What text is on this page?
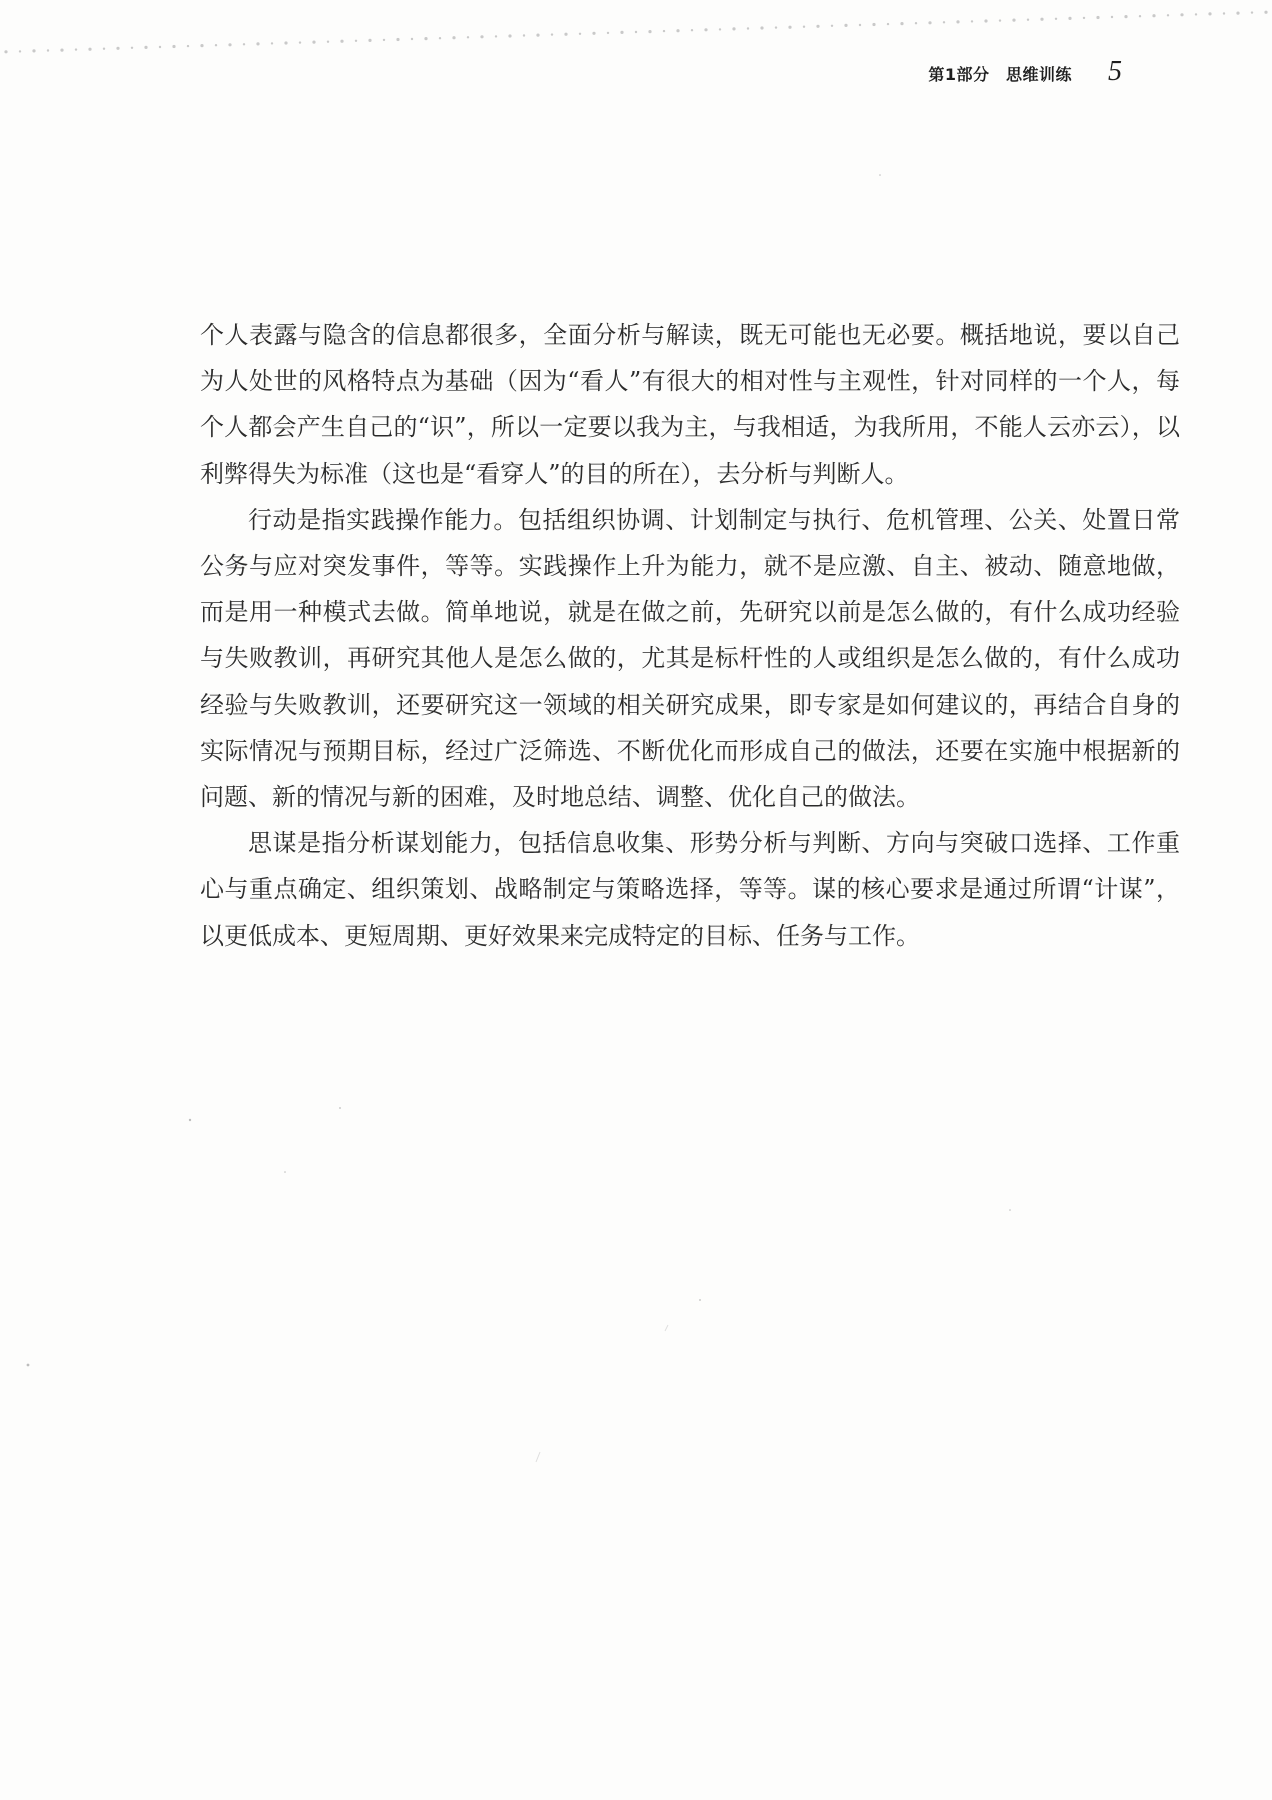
第1部分　思维训练 5

个人表露与隐含的信息都很多，全面分析与解读，既无可能也无必要。概括地说，要以自己为人处世的风格特点为基础（因为“看人”有很大的相对性与主观性，针对同样的一个人，每个人都会产生自己的“识”，所以一定要以我为主，与我相适，为我所用，不能人云亦云），以利弊得失为标准（这也是“看穿人”的目的所在），去分析与判断人。

行动是指实践操作能力。包括组织协调、计划制定与执行、危机管理、公关、处置日常公务与应对突发事件，等等。实践操作上升为能力，就不是应激、自主、被动、随意地做，而是用一种模式去做。简单地说，就是在做之前，先研究以前是怎么做的，有什么成功经验与失败教训，再研究其他人是怎么做的，尤其是标杆性的人或组织是怎么做的，有什么成功经验与失败教训，还要研究这一领域的相关研究成果，即专家是如何建议的，再结合自身的实际情况与预期目标，经过广泛筛选、不断优化而形成自己的做法，还要在实施中根据新的问题、新的情况与新的困难，及时地总结、调整、优化自己的做法。

思谋是指分析谋划能力，包括信息收集、形势分析与判断、方向与突破口选择、工作重心与重点确定、组织策划、战略制定与策略选择，等等。谋的核心要求是通过所谓“计谋”，以更低成本、更短周期、更好效果来完成特定的目标、任务与工作。
